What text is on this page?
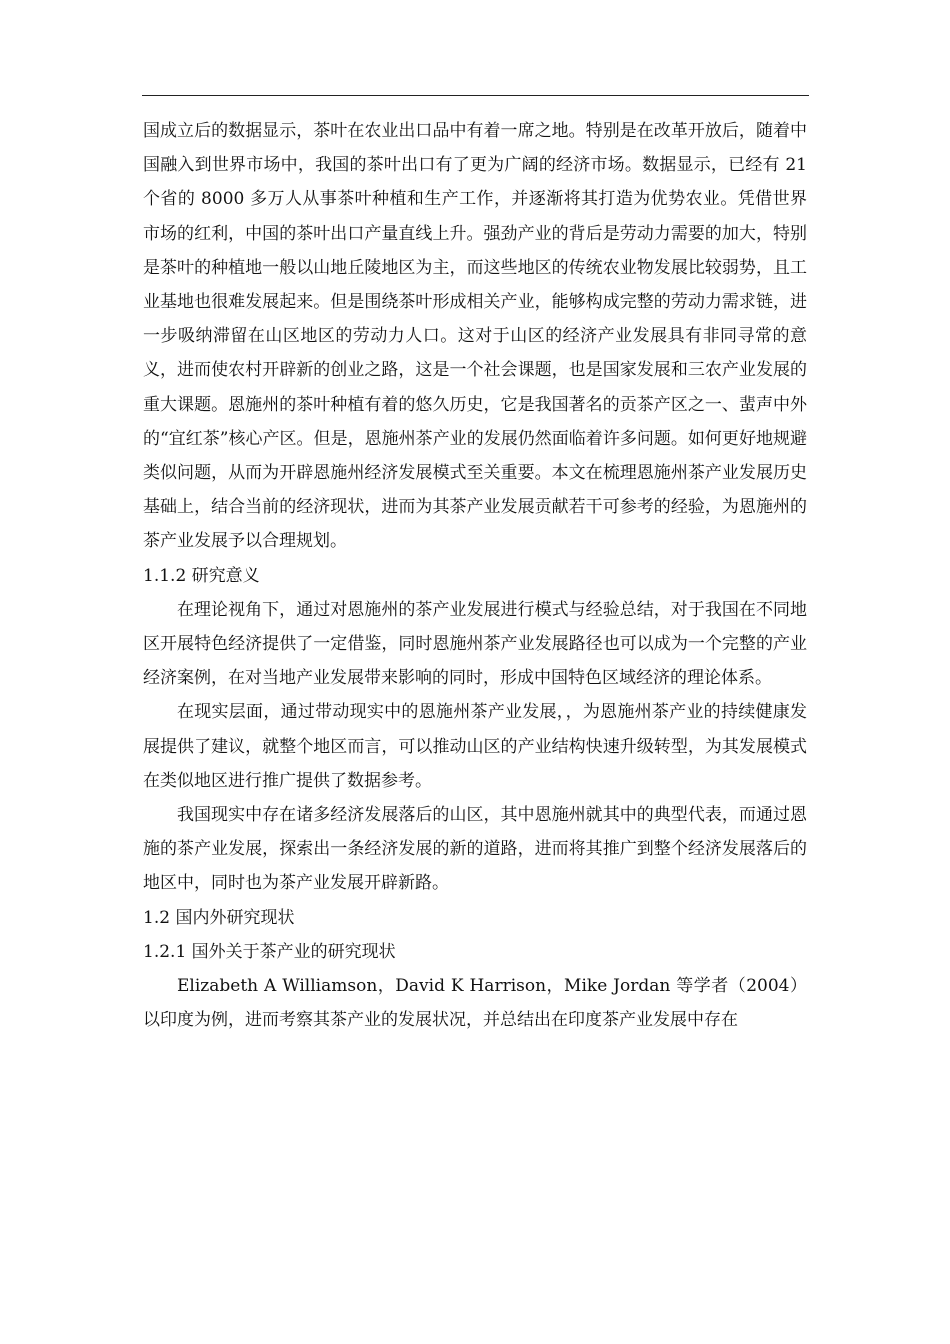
国成立后的数据显示，茶叶在农业出口品中有着一席之地。特别是在改革开放后，随着中国融入到世界市场中，我国的茶叶出口有了更为广阔的经济市场。数据显示，已经有 21 个省的 8000 多万人从事茶叶种植和生产工作，并逐渐将其打造为优势农业。凭借世界市场的红利，中国的茶叶出口产量直线上升。强劲产业的背后是劳动力需要的加大，特别是茶叶的种植地一般以山地丘陵地区为主，而这些地区的传统农业物发展比较弱势，且工业基地也很难发展起来。但是围绕茶叶形成相关产业，能够构成完整的劳动力需求链，进一步吸纳滞留在山区地区的劳动力人口。这对于山区的经济产业发展具有非同寻常的意义，进而使农村开辟新的创业之路，这是一个社会课题，也是国家发展和三农产业发展的重大课题。恩施州的茶叶种植有着的悠久历史，它是我国著名的贡茶产区之一、蜚声中外的“宜红茶”核心产区。但是，恩施州茶产业的发展仍然面临着许多问题。如何更好地规避类似问题，从而为开辟恩施州经济发展模式至关重要。本文在梳理恩施州茶产业发展历史基础上，结合当前的经济现状，进而为其茶产业发展贡献若干可参考的经验，为恩施州的茶产业发展予以合理规划。

1.1.2 研究意义

在理论视角下，通过对恩施州的茶产业发展进行模式与经验总结，对于我国在不同地区开展特色经济提供了一定借鉴，同时恩施州茶产业发展路径也可以成为一个完整的产业经济案例，在对当地产业发展带来影响的同时，形成中国特色区域经济的理论体系。

在现实层面，通过带动现实中的恩施州茶产业发展，，为恩施州茶产业的持续健康发展提供了建议，就整个地区而言，可以推动山区的产业结构快速升级转型，为其发展模式在类似地区进行推广提供了数据参考。

我国现实中存在诸多经济发展落后的山区，其中恩施州就其中的典型代表，而通过恩施的茶产业发展，探索出一条经济发展的新的道路，进而将其推广到整个经济发展落后的地区中，同时也为茶产业发展开辟新路。

1.2 国内外研究现状
1.2.1 国外关于茶产业的研究现状

Elizabeth A Williamson，David K Harrison，Mike Jordan 等学者（2004）以印度为例，进而考察其茶产业的发展状况，并总结出在印度茶产业发展中存在
